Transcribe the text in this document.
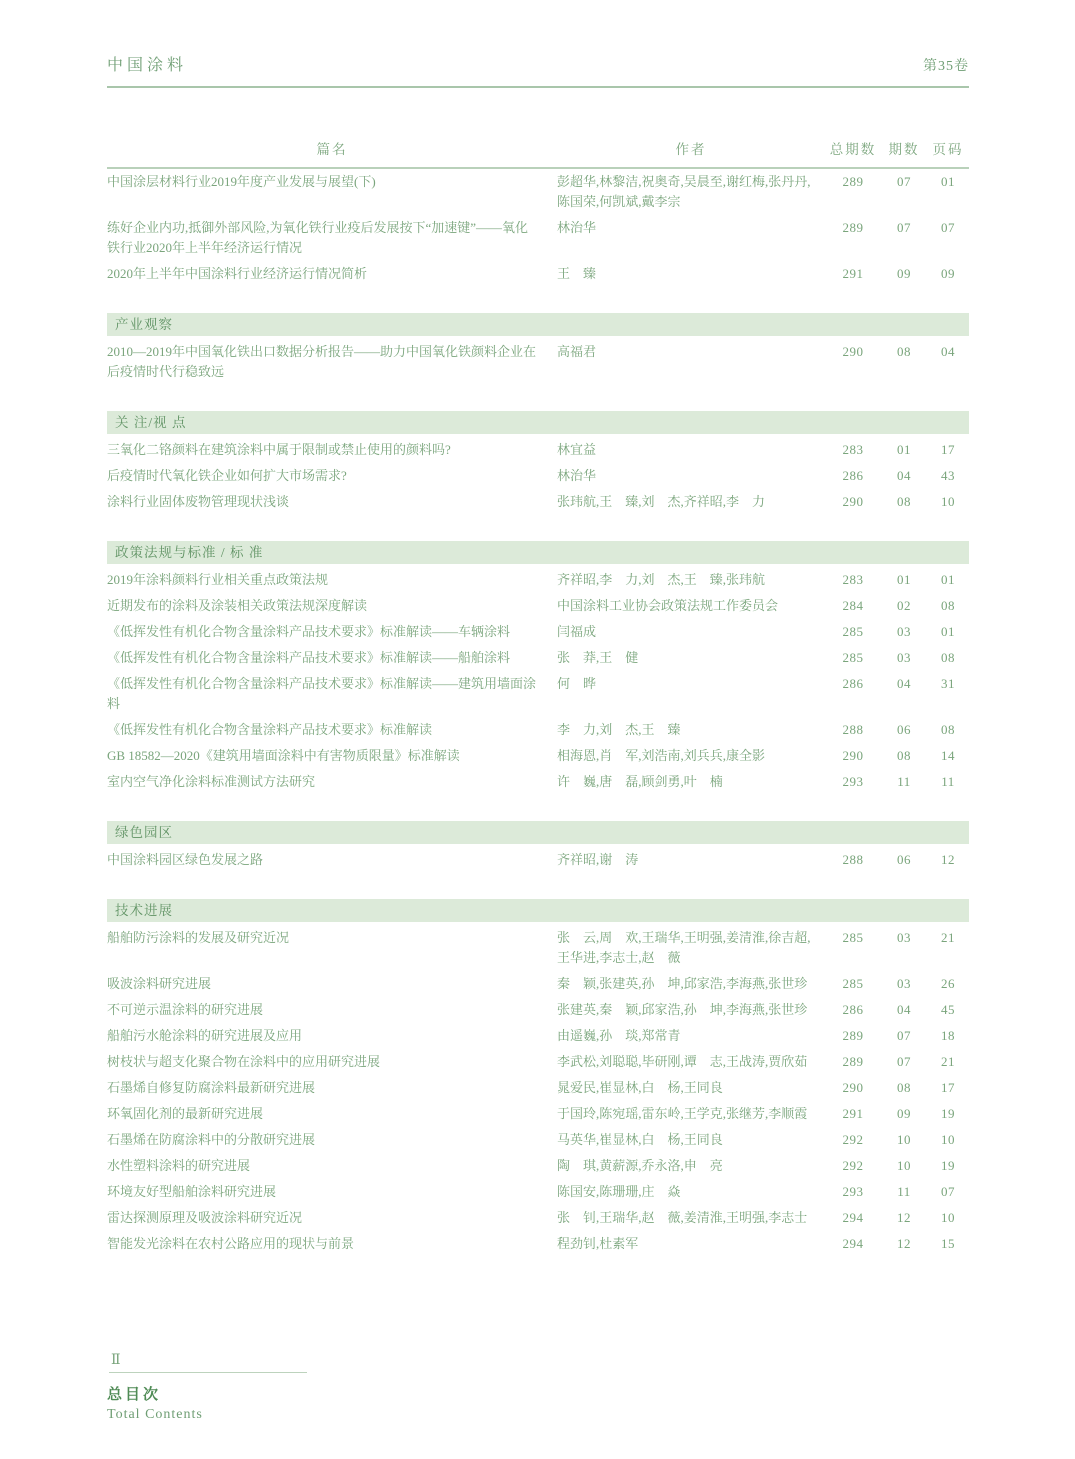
中国涂料	第35卷
篇名	作者	总期数	期数	页码
中国涂层材料行业2019年度产业发展与展望(下)	彭超华,林黎洁,祝奥奇,吴晨至,谢红梅,张丹丹,陈国荣,何凯斌,戴李宗	289	07	01
练好企业内功,抵御外部风险,为氧化铁行业疫后发展按下“加速键”——氧化铁行业2020年上半年经济运行情况	林治华	289	07	07
2020年上半年中国涂料行业经济运行情况简析	王　臻	291	09	09

产业观察				

2010—2019年中国氧化铁出口数据分析报告——助力中国氧化铁颜料企业在后疫情时代行稳致远	高福君	290	08	04

关 注/视 点				

三氧化二铬颜料在建筑涂料中属于限制或禁止使用的颜料吗?	林宜益	283	01	17
后疫情时代氧化铁企业如何扩大市场需求?	林治华	286	04	43
涂料行业固体废物管理现状浅谈	张玮航,王　臻,刘　杰,齐祥昭,李　力	290	08	10

政策法规与标准 / 标 准				

2019年涂料颜料行业相关重点政策法规	齐祥昭,李　力,刘　杰,王　臻,张玮航	283	01	01
近期发布的涂料及涂装相关政策法规深度解读	中国涂料工业协会政策法规工作委员会	284	02	08
《低挥发性有机化合物含量涂料产品技术要求》标准解读——车辆涂料	闫福成	285	03	01
《低挥发性有机化合物含量涂料产品技术要求》标准解读——船舶涂料	张　莽,王　健	285	03	08
《低挥发性有机化合物含量涂料产品技术要求》标准解读——建筑用墙面涂料	何　晔	286	04	31
《低挥发性有机化合物含量涂料产品技术要求》标准解读	李　力,刘　杰,王　臻	288	06	08
GB 18582—2020《建筑用墙面涂料中有害物质限量》标准解读	相海恩,肖　军,刘浩南,刘兵兵,康全影	290	08	14
室内空气净化涂料标准测试方法研究	许　巍,唐　磊,顾剑勇,叶　楠	293	11	11

绿色园区				

中国涂料园区绿色发展之路	齐祥昭,谢　涛	288	06	12

技术进展				

船舶防污涂料的发展及研究近况	张　云,周　欢,王瑞华,王明强,姜清淮,徐吉超,王华进,李志士,赵　薇	285	03	21
吸波涂料研究进展	秦　颖,张建英,孙　坤,邱家浩,李海燕,张世珍	285	03	26
不可逆示温涂料的研究进展	张建英,秦　颖,邱家浩,孙　坤,李海燕,张世珍	286	04	45
船舶污水舱涂料的研究进展及应用	由遥巍,孙　琰,郑常青	289	07	18
树枝状与超支化聚合物在涂料中的应用研究进展	李武松,刘聪聪,毕研刚,谭　志,王战涛,贾欣茹	289	07	21
石墨烯自修复防腐涂料最新研究进展	晁爱民,崔显林,白　杨,王同良	290	08	17
环氧固化剂的最新研究进展	于国玲,陈宛瑶,雷东岭,王学克,张继芳,李顺霞	291	09	19
石墨烯在防腐涂料中的分散研究进展	马英华,崔显林,白　杨,王同良	292	10	10
水性塑料涂料的研究进展	陶　琪,黄薪源,乔永洛,申　亮	292	10	19
环境友好型船舶涂料研究进展	陈国安,陈珊珊,庄　焱	293	11	07
雷达探测原理及吸波涂料研究近况	张　钊,王瑞华,赵　薇,姜清淮,王明强,李志士	294	12	10
智能发光涂料在农村公路应用的现状与前景	程劲钊,杜素军	294	12	15
Ⅱ
总目次
Total Contents
